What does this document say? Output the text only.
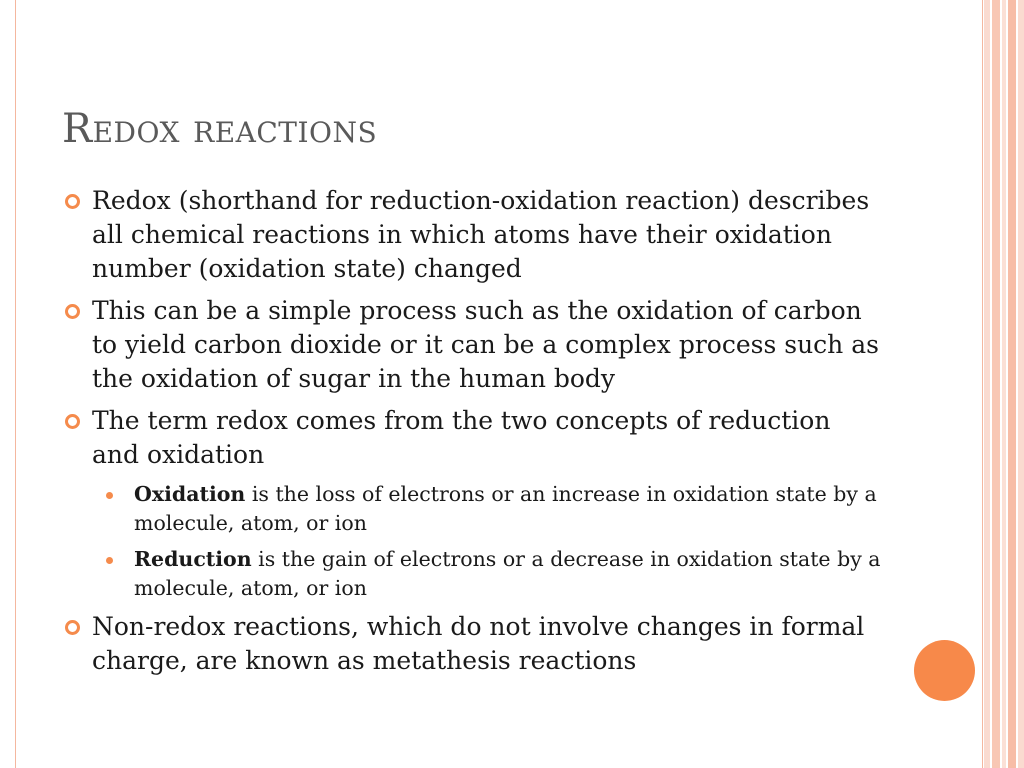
Redox reactions
Redox (shorthand for reduction-oxidation reaction) describes all chemical reactions in which atoms have their oxidation number (oxidation state) changed
This can be a simple process such as the oxidation of carbon to yield carbon dioxide or it can be a complex process such as the oxidation of sugar in the human body
The term redox comes from the two concepts of reduction and oxidation
Oxidation is the loss of electrons or an increase in oxidation state by a molecule, atom, or ion
Reduction is the gain of electrons or a decrease in oxidation state by a molecule, atom, or ion
Non-redox reactions, which do not involve changes in formal charge, are known as metathesis reactions
